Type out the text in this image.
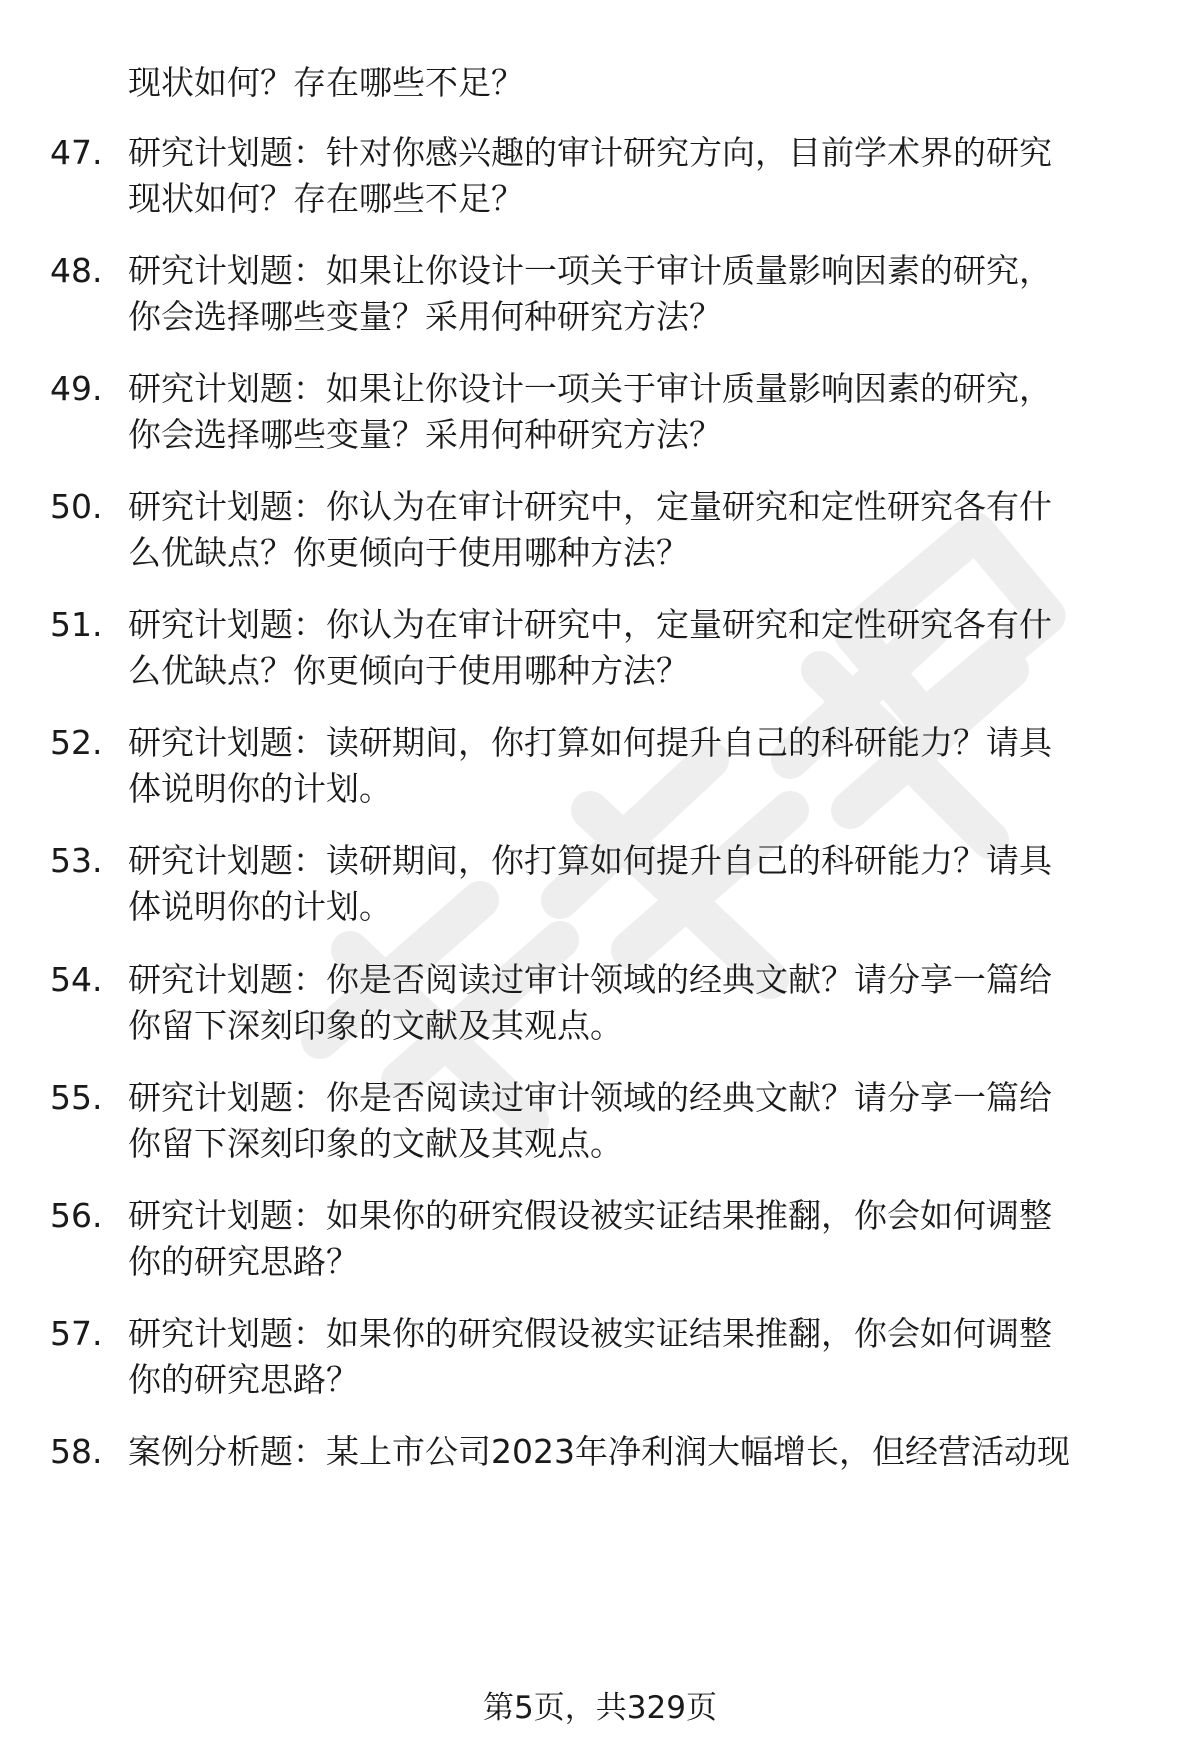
现状如何？存在哪些不足？
47. 研究计划题：针对你感兴趣的审计研究方向，目前学术界的研究
现状如何？存在哪些不足？
48. 研究计划题：如果让你设计一项关于审计质量影响因素的研究，
你会选择哪些变量？采用何种研究方法？
49. 研究计划题：如果让你设计一项关于审计质量影响因素的研究，
你会选择哪些变量？采用何种研究方法？
50. 研究计划题：你认为在审计研究中，定量研究和定性研究各有什
么优缺点？你更倾向于使用哪种方法？
51. 研究计划题：你认为在审计研究中，定量研究和定性研究各有什
么优缺点？你更倾向于使用哪种方法？
52. 研究计划题：读研期间，你打算如何提升自己的科研能力？请具
体说明你的计划。
53. 研究计划题：读研期间，你打算如何提升自己的科研能力？请具
体说明你的计划。
54. 研究计划题：你是否阅读过审计领域的经典文献？请分享一篇给
你留下深刻印象的文献及其观点。
55. 研究计划题：你是否阅读过审计领域的经典文献？请分享一篇给
你留下深刻印象的文献及其观点。
56. 研究计划题：如果你的研究假设被实证结果推翻，你会如何调整
你的研究思路？
57. 研究计划题：如果你的研究假设被实证结果推翻，你会如何调整
你的研究思路？
58. 案例分析题：某上市公司2023年净利润大幅增长，但经营活动现
第5页，共329页
